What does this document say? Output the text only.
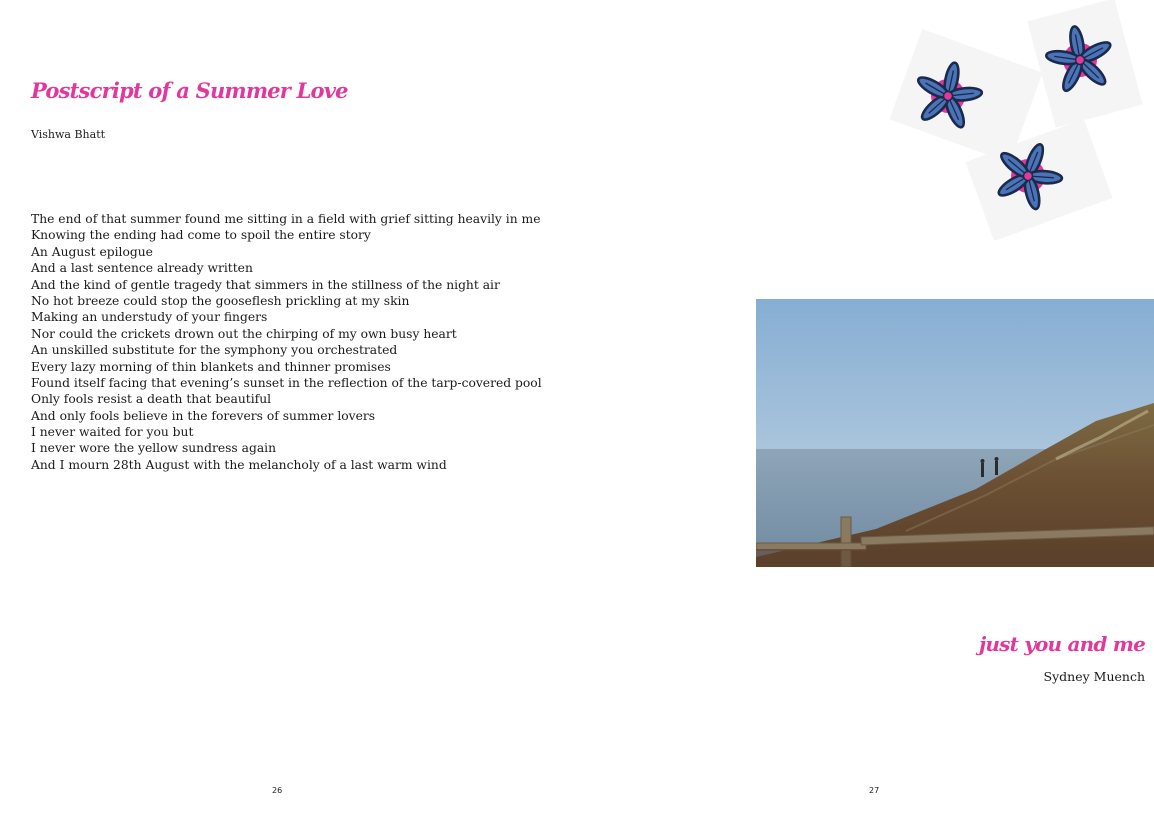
Postscript of a Summer Love
Vishwa Bhatt
The end of that summer found me sitting in a field with grief sitting heavily in me
Knowing the ending had come to spoil the entire story
An August epilogue
And a last sentence already written
And the kind of gentle tragedy that simmers in the stillness of the night air
No hot breeze could stop the gooseflesh prickling at my skin
Making an understudy of your fingers
Nor could the crickets drown out the chirping of my own busy heart
An unskilled substitute for the symphony you orchestrated
Every lazy morning of thin blankets and thinner promises
Found itself facing that evening’s sunset in the reflection of the tarp-covered pool
Only fools resist a death that beautiful
And only fools believe in the forevers of summer lovers
I never waited for you but
I never wore the yellow sundress again
And I mourn 28th August with the melancholy of a last warm wind
26
just you and me
Sydney Muench
27
